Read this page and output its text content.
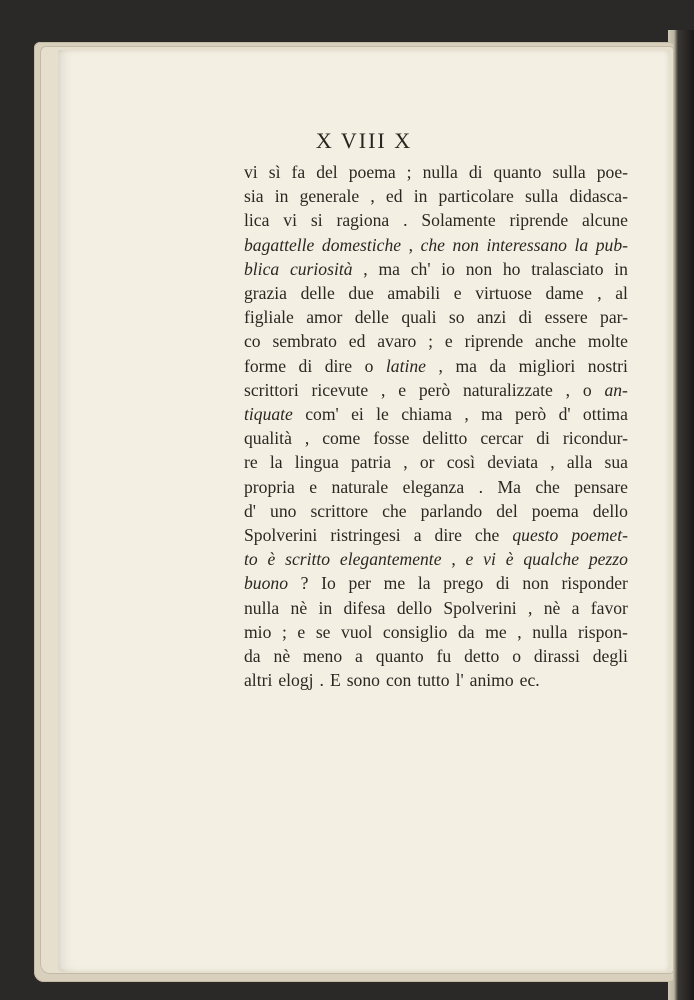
X VIII X
vi sì fa del poema ; nulla di quanto sulla poe-
sia in generale , ed in particolare sulla didasca-
lica vi si ragiona . Solamente riprende alcune
bagattelle domestiche , che non interessano la pub-
blica curiosità , ma ch' io non ho tralasciato in
grazia delle due amabili e virtuose dame , al
figliale amor delle quali so anzi di essere par-
co sembrato ed avaro ; e riprende anche molte
forme di dire o latine , ma da migliori nostri
scrittori ricevute , e però naturalizzate , o an-
tiquate com' ei le chiama , ma però d' ottima
qualità , come fosse delitto cercar di ricondur-
re la lingua patria , or così deviata , alla sua
propria e naturale eleganza . Ma che pensare
d' uno scrittore che parlando del poema dello
Spolverini ristringesi a dire che questo poemet-
to è scritto elegantemente , e vi è qualche pezzo
buono ? Io per me la prego di non risponder
nulla nè in difesa dello Spolverini , nè a favor
mio ; e se vuol consiglio da me , nulla rispon-
da nè meno a quanto fu detto o dirassi degli
altri elogj . E sono con tutto l' animo ec.
